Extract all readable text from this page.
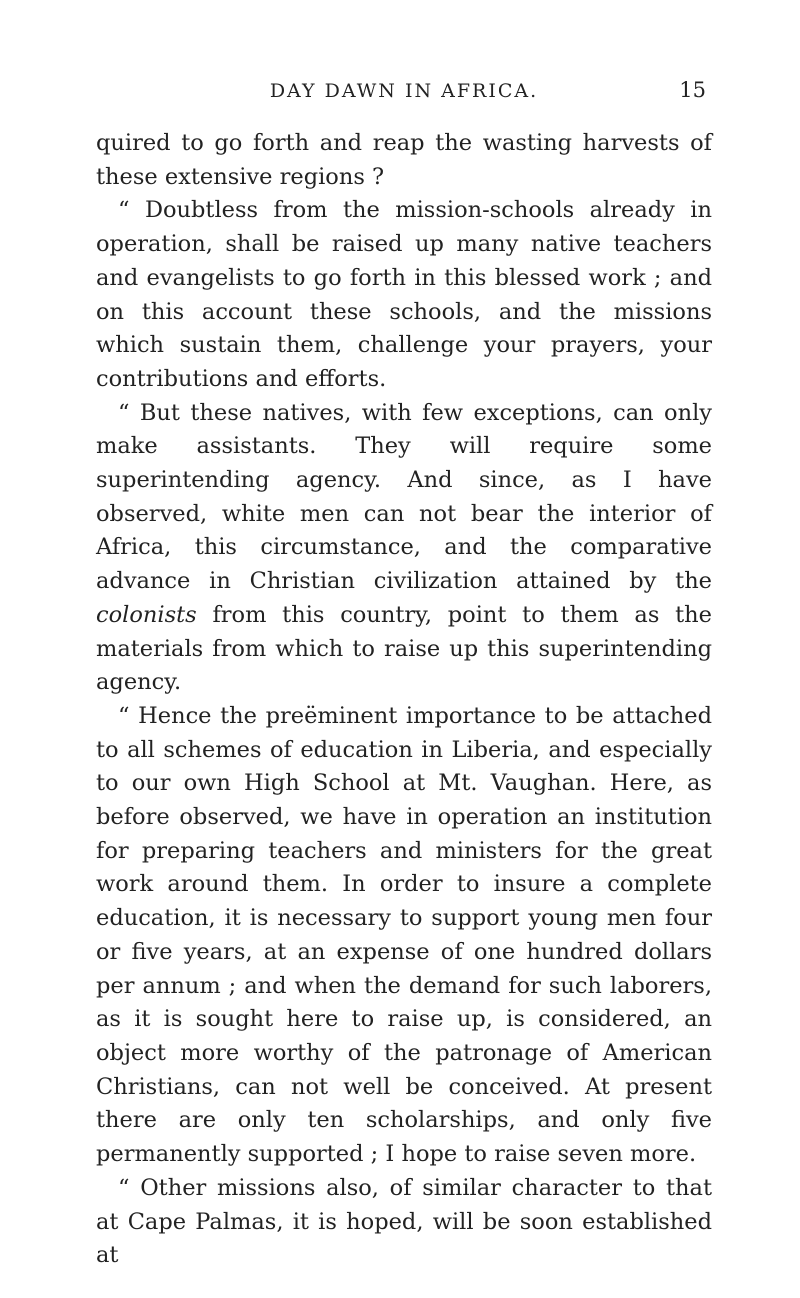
DAY DAWN IN AFRICA.	15

quired to go forth and reap the wasting harvests of these extensive regions ?

“ Doubtless from the mission-schools already in operation, shall be raised up many native teachers and evangelists to go forth in this blessed work ; and on this account these schools, and the missions which sustain them, challenge your prayers, your contributions and efforts.

“ But these natives, with few exceptions, can only make assistants. They will require some superintending agency. And since, as I have observed, white men can not bear the interior of Africa, this circumstance, and the comparative advance in Christian civilization attained by the colonists from this country, point to them as the materials from which to raise up this superintending agency.

“ Hence the preëminent importance to be attached to all schemes of education in Liberia, and especially to our own High School at Mt. Vaughan. Here, as before observed, we have in operation an institution for preparing teachers and ministers for the great work around them. In order to insure a complete education, it is necessary to support young men four or five years, at an expense of one hundred dollars per annum ; and when the demand for such laborers, as it is sought here to raise up, is considered, an object more worthy of the patronage of American Christians, can not well be conceived. At present there are only ten scholarships, and only five permanently supported ; I hope to raise seven more.

“ Other missions also, of similar character to that at Cape Palmas, it is hoped, will be soon established at
